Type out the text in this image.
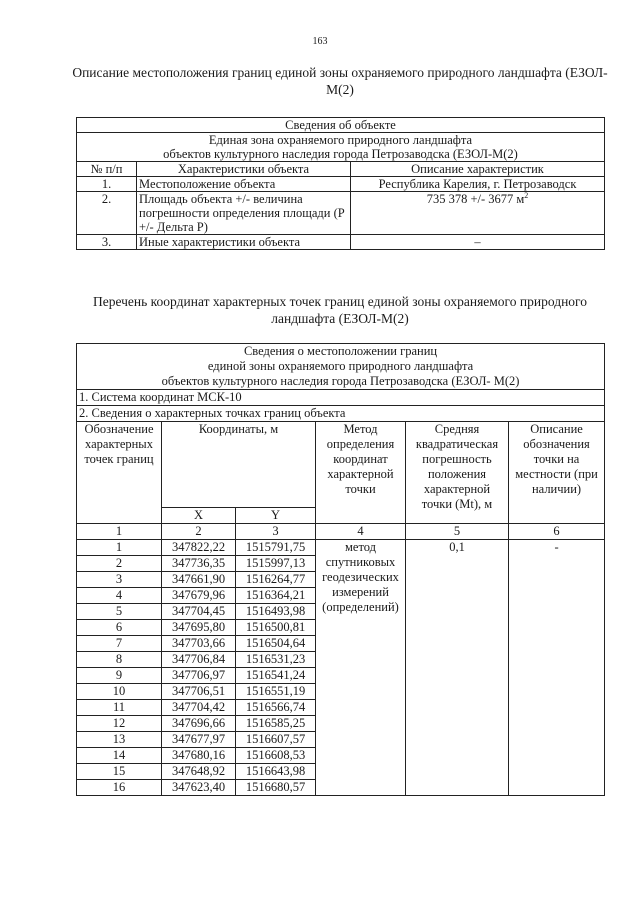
163
Описание местоположения границ единой зоны охраняемого природного ландшафта (ЕЗОЛ-М(2)
Сведения об объекте		

Единая зона охраняемого природного ландшафта
объектов культурного наследия города Петрозаводска (ЕЗОЛ-М(2)		

№ п/п	Характеристики объекта	Описание характеристик
1.	Местоположение объекта	Республика Карелия, г. Петрозаводск
2.	Площадь объекта +/- величина погрешности определения площади (Р +/- Дельта Р)	735 378 +/- 3677 $м^2$
3.	Иные характеристики объекта	–
Перечень координат характерных точек границ единой зоны охраняемого природного ландшафта (ЕЗОЛ-М(2)
Сведения о местоположении границ
единой зоны охраняемого природного ландшафта
объектов культурного наследия города Петрозаводска (ЕЗОЛ- М(2)					

1. Система координат МСК-10					
2. Сведения о характерных точках границ объекта					
Обозначение характерных точек границ	Координаты, м		Метод определения координат характерной точки	Средняя квадратическая погрешность положения характерной точки (Mt), м	Описание обозначения точки на местности (при наличии)
	X	Y			
1	2	3	4	5	6
1	347822,22	1515791,75	метод спутниковых геодезических измерений (определений)	0,1	-
2	347736,35	1515997,13			
3	347661,90	1516264,77			
4	347679,96	1516364,21			
5	347704,45	1516493,98			
6	347695,80	1516500,81			
7	347703,66	1516504,64			
8	347706,84	1516531,23			
9	347706,97	1516541,24			
10	347706,51	1516551,19			
11	347704,42	1516566,74			
12	347696,66	1516585,25			
13	347677,97	1516607,57			
14	347680,16	1516608,53			
15	347648,92	1516643,98			
16	347623,40	1516680,57			
